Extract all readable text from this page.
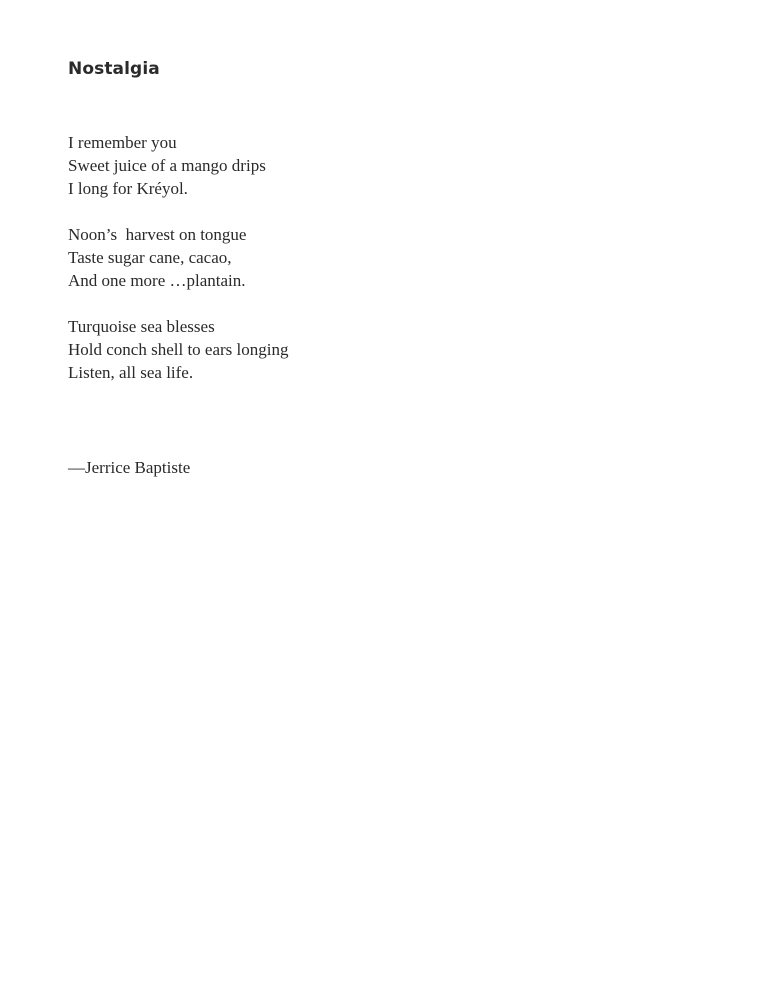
Nostalgia
I remember you
Sweet juice of a mango drips
I long for Kréyol.
Noon’s  harvest on tongue
Taste sugar cane, cacao,
And one more …plantain.
Turquoise sea blesses
Hold conch shell to ears longing
Listen, all sea life.

—Jerrice Baptiste
